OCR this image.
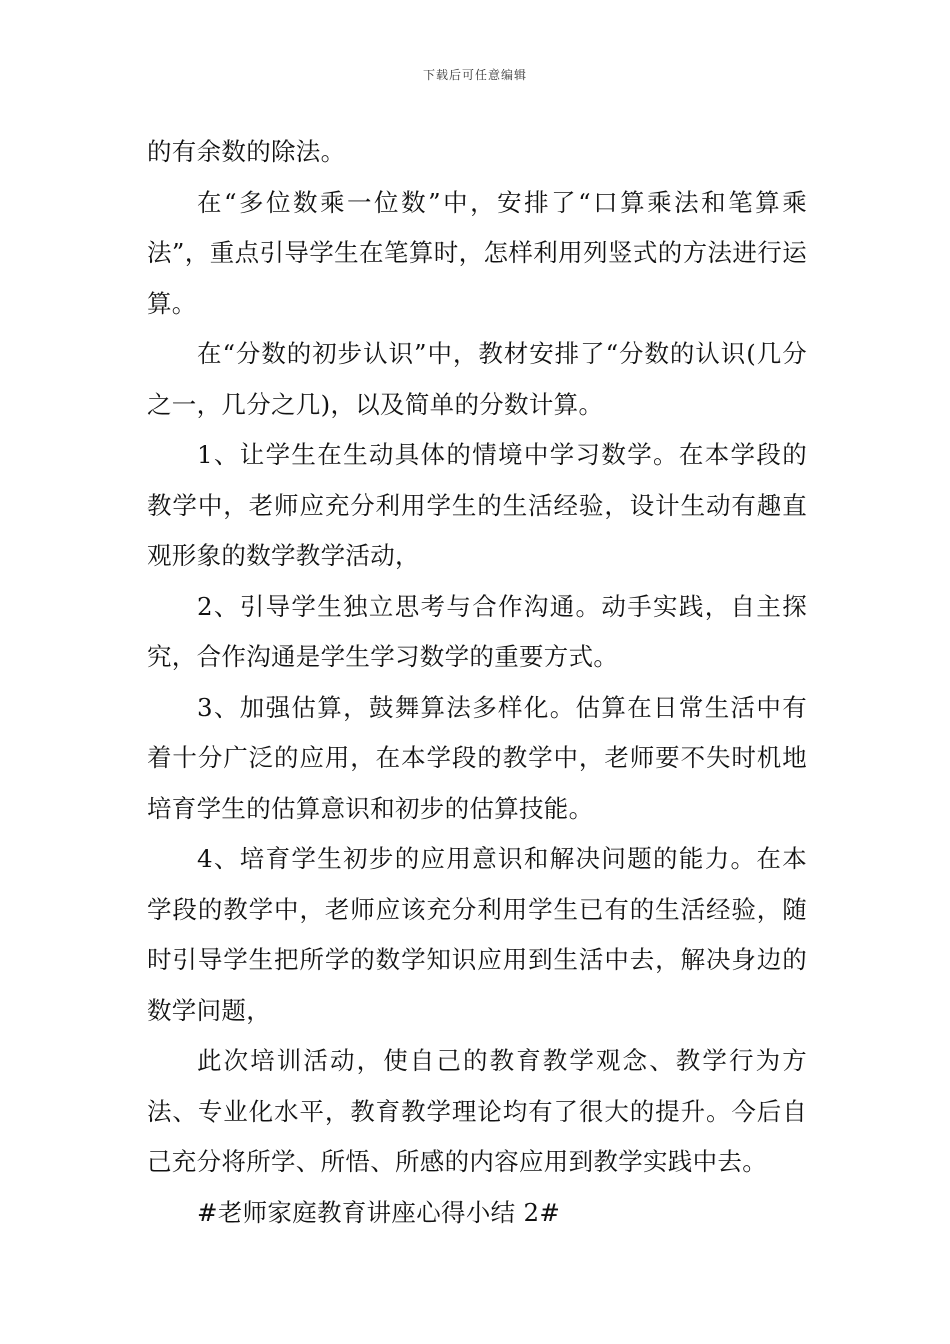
下载后可任意编辑

的有余数的除法。

在“多位数乘一位数”中，安排了“口算乘法和笔算乘法”，重点引导学生在笔算时，怎样利用列竖式的方法进行运算。

在“分数的初步认识”中，教材安排了“分数的认识(几分之一，几分之几)，以及简单的分数计算。

1、让学生在生动具体的情境中学习数学。在本学段的教学中，老师应充分利用学生的生活经验，设计生动有趣直观形象的数学教学活动，

2、引导学生独立思考与合作沟通。动手实践，自主探究，合作沟通是学生学习数学的重要方式。

3、加强估算，鼓舞算法多样化。估算在日常生活中有着十分广泛的应用，在本学段的教学中，老师要不失时机地培育学生的估算意识和初步的估算技能。

4、培育学生初步的应用意识和解决问题的能力。在本学段的教学中，老师应该充分利用学生已有的生活经验，随时引导学生把所学的数学知识应用到生活中去，解决身边的数学问题，

此次培训活动，使自己的教育教学观念、教学行为方法、专业化水平，教育教学理论均有了很大的提升。今后自己充分将所学、所悟、所感的内容应用到教学实践中去。

#老师家庭教育讲座心得小结 2#
